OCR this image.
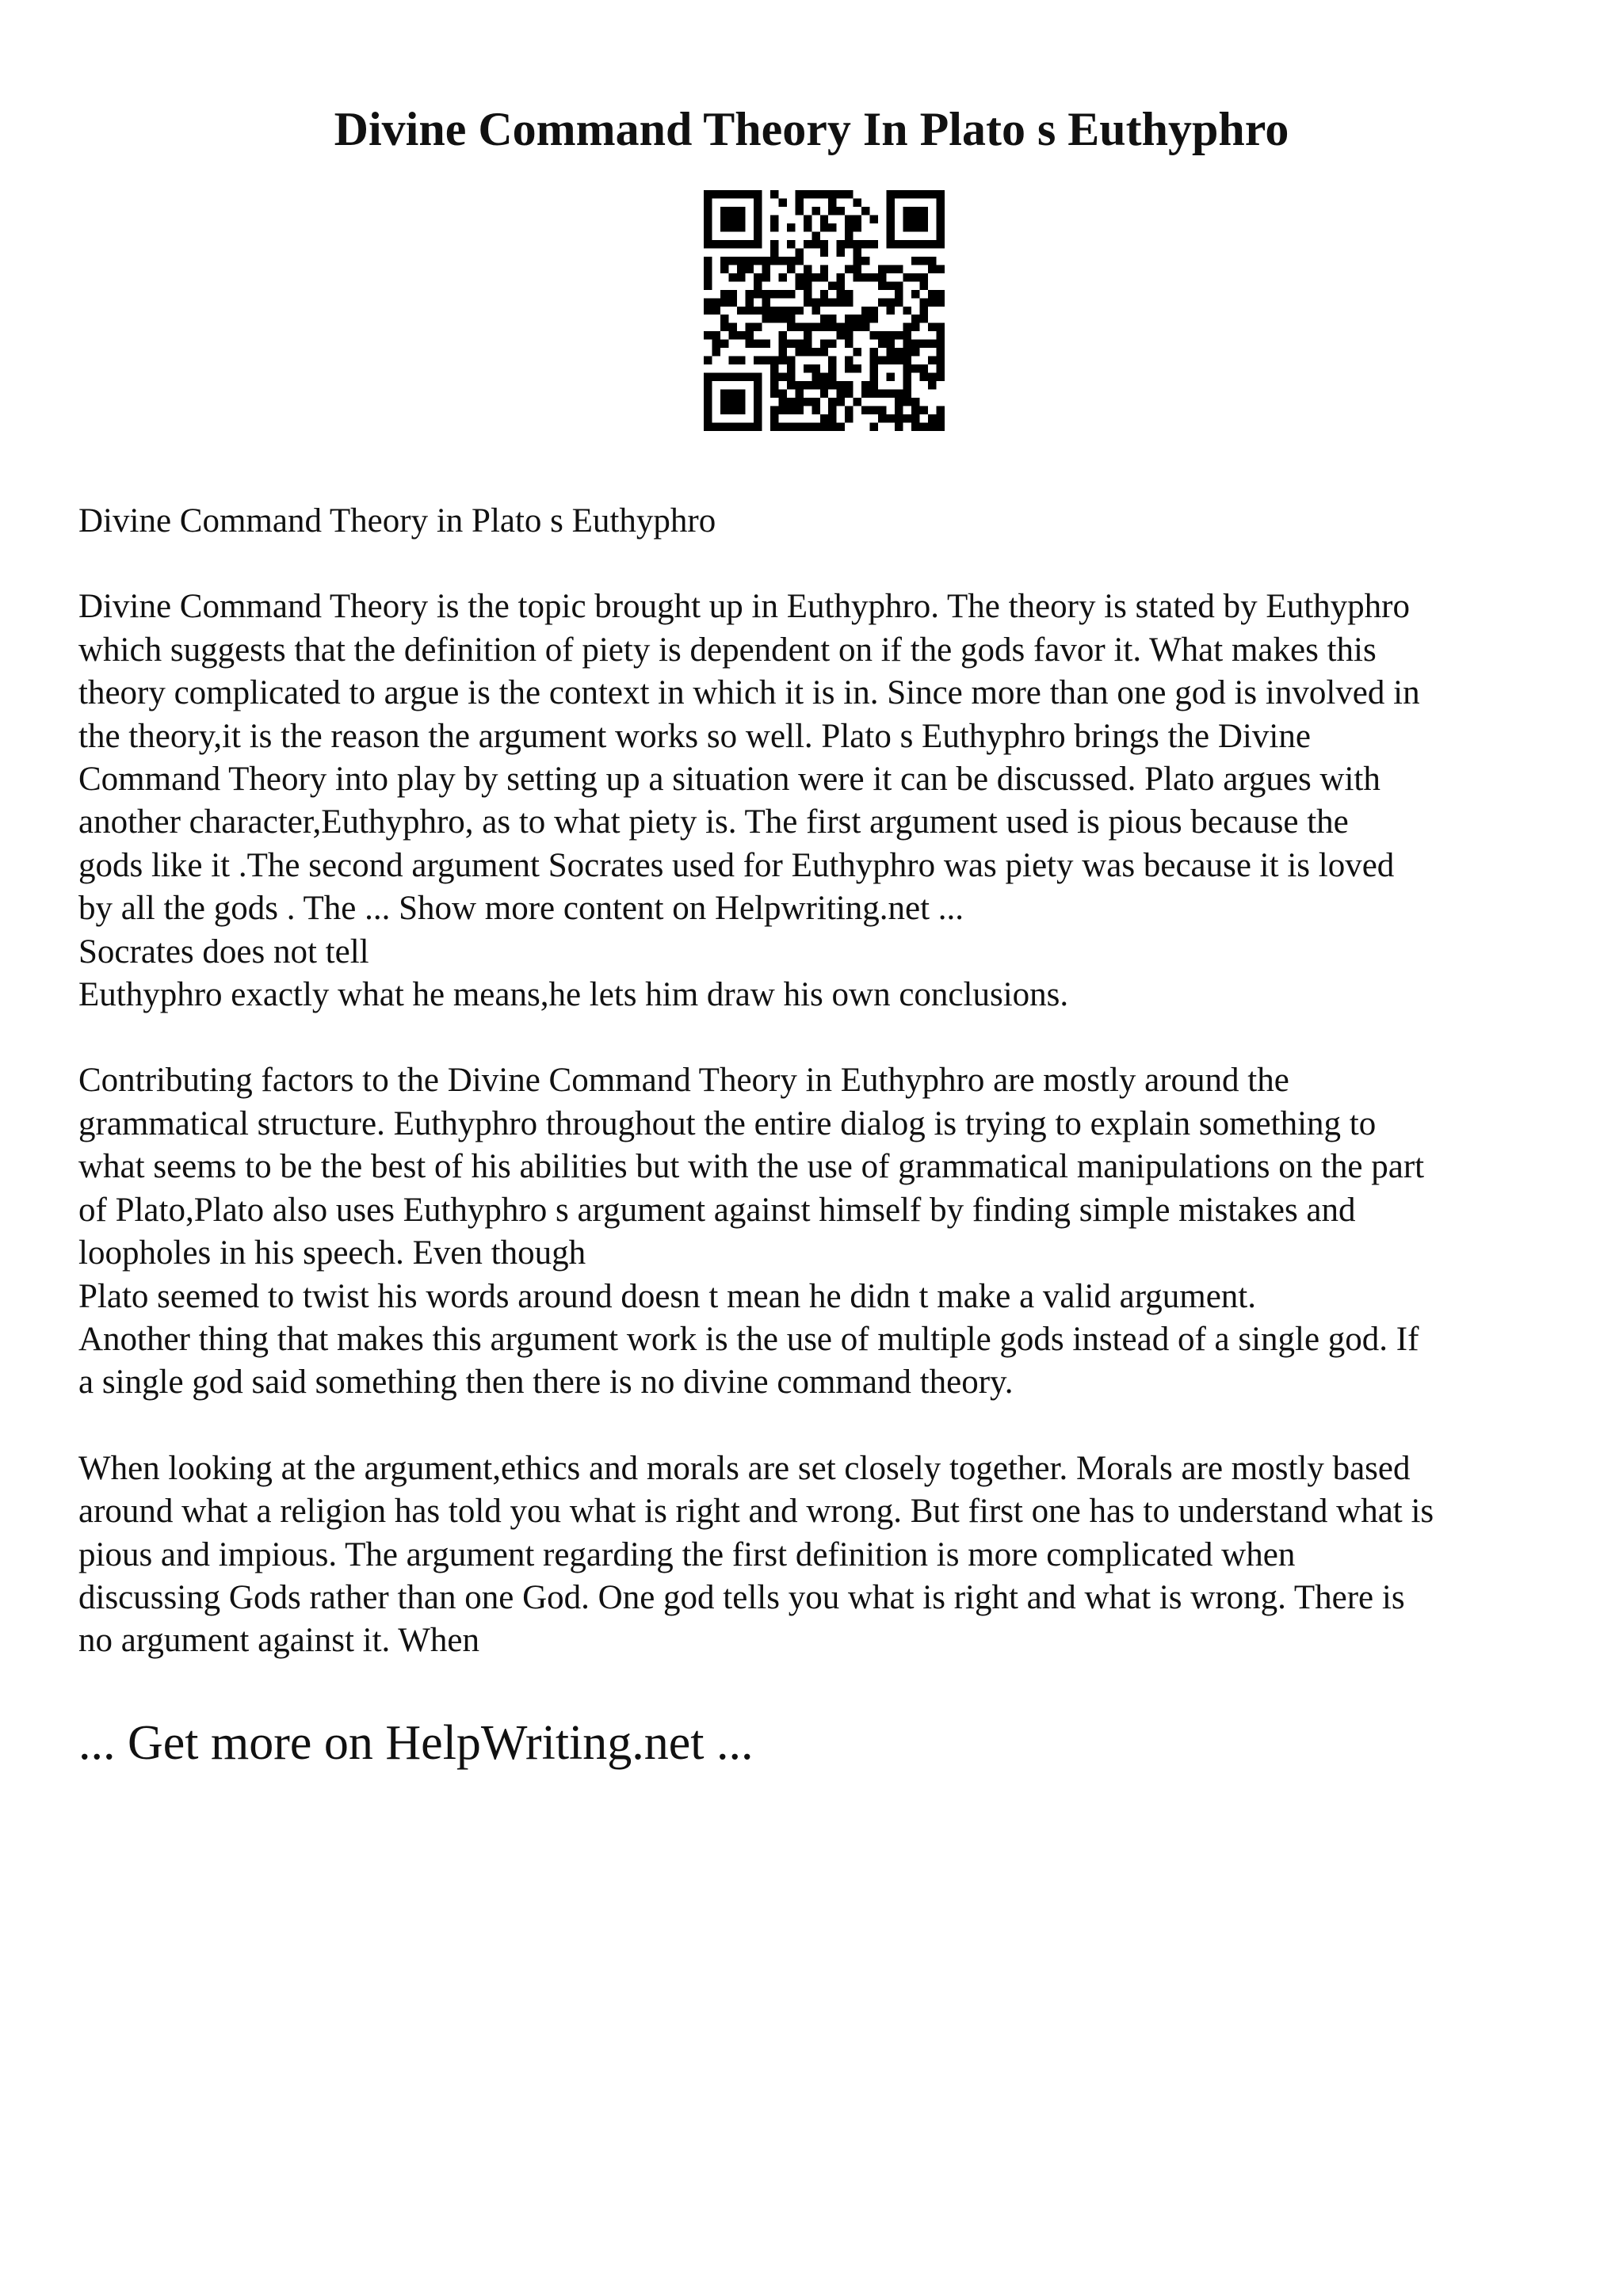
Divine Command Theory In Plato s Euthyphro

Divine Command Theory in Plato s Euthyphro

Divine Command Theory is the topic brought up in Euthyphro. The theory is stated by Euthyphro

which suggests that the definition of piety is dependent on if the gods favor it. What makes this

theory complicated to argue is the context in which it is in. Since more than one god is involved in

the theory,it is the reason the argument works so well. Plato s Euthyphro brings the Divine

Command Theory into play by setting up a situation were it can be discussed. Plato argues with

another character,Euthyphro, as to what piety is. The first argument used is pious because the

gods like it .The second argument Socrates used for Euthyphro was piety was because it is loved

by all the gods . The ... Show more content on Helpwriting.net ...

Socrates does not tell

Euthyphro exactly what he means,he lets him draw his own conclusions.

Contributing factors to the Divine Command Theory in Euthyphro are mostly around the

grammatical structure. Euthyphro throughout the entire dialog is trying to explain something to

what seems to be the best of his abilities but with the use of grammatical manipulations on the part

of Plato,Plato also uses Euthyphro s argument against himself by finding simple mistakes and

loopholes in his speech. Even though

Plato seemed to twist his words around doesn t mean he didn t make a valid argument.

Another thing that makes this argument work is the use of multiple gods instead of a single god. If

a single god said something then there is no divine command theory.

When looking at the argument,ethics and morals are set closely together. Morals are mostly based

around what a religion has told you what is right and wrong. But first one has to understand what is

pious and impious. The argument regarding the first definition is more complicated when

discussing Gods rather than one God. One god tells you what is right and what is wrong. There is

no argument against it. When

... Get more on HelpWriting.net ...
